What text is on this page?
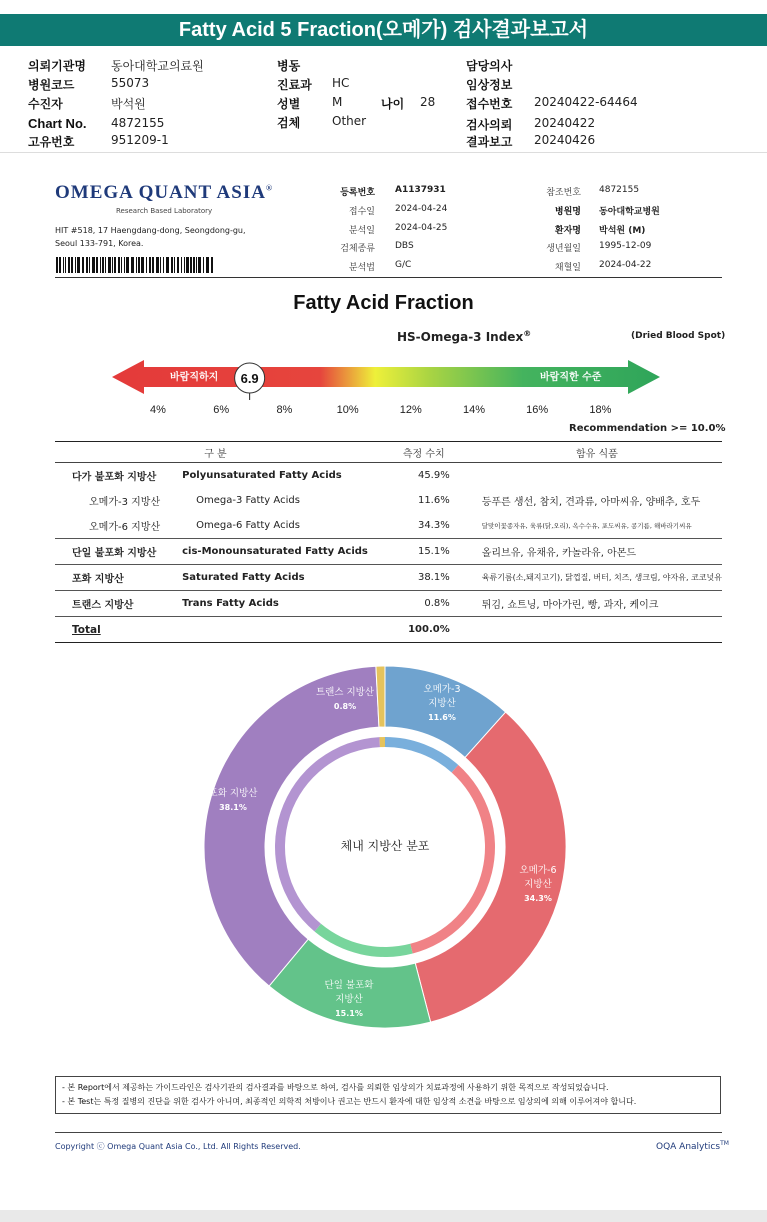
Fatty Acid 5 Fraction(오메가) 검사결과보고서
의뢰기관명 동아대학교의료원
병원코드	55073
수진자	박석원
Chart No. 4872155
고유번호	951209-1
병동
진료과 HC
성별	M	나이 28
검체	Other
담당의사
임상정보
접수번호 20240422-64464
검사의뢰 20240422
결과보고 20240426
OMEGA QUANT ASIA®
Research Based Laboratory
HIT #518, 17 Haengdang-dong, Seongdong-gu,
Seoul 133-791, Korea.
등록번호 A1137931
접수일 2024-04-24
분석일 2024-04-25
검체종류 DBS
분석법 G/C
참조번호 4872155
병원명 동아대학교병원
환자명 박석원 (M)
생년월일 1995-12-09
채혈일 2024-04-22
Fatty Acid Fraction
HS-Omega-3 Index®	(Dried Blood Spot)
바람직하지	바람직한 수준
6.9
4%	6%	8%	10%	12%	14%	16%	18%
Recommendation >= 10.0%
구 분		측정 수치	함유 식품
다가 불포화 지방산	Polyunsaturated Fatty Acids	45.9%	
오메가-3 지방산	Omega-3 Fatty Acids	11.6%	등푸른 생선, 참치, 견과류, 아마씨유, 양배추, 호두
오메가-6 지방산	Omega-6 Fatty Acids	34.3%	달맞이꽃종자유, 육류(닭,오리), 옥수수유, 포도씨유, 콩기름, 해바라기씨유
단일 불포화 지방산	cis-Monounsaturated Fatty Acids	15.1%	올리브유, 유채유, 카놀라유, 아몬드
포화 지방산	Saturated Fatty Acids	38.1%	육류기름(소,돼지고기), 닭껍질, 버터, 치즈, 생크림, 야자유, 코코넛유
트랜스 지방산	Trans Fatty Acids	0.8%	튀김, 쇼트닝, 마아가린, 빵, 과자, 케이크
Total		100.0%	
오메가-3 지방산
11.6%
오메가-6 지방산
34.3%
단일 불포화 지방산
15.1%
포화 지방산
38.1%
트랜스 지방산
0.8%
체내 지방산 분포
- 본 Report에서 제공하는 가이드라인은 검사기관의 검사결과를 바탕으로 하여, 검사를 의뢰한 임상의가 치료과정에 사용하기 위한 목적으로 작성되었습니다.
- 본 Test는 특정 질병의 진단을 위한 검사가 아니며, 최종적인 의학적 처방이나 권고는 반드시 환자에 대한 임상적 소견을 바탕으로 임상의에 의해 이루어져야 합니다.
Copyright ⓒ Omega Quant Asia Co., Ltd. All Rights Reserved.	OQA Analytics™
